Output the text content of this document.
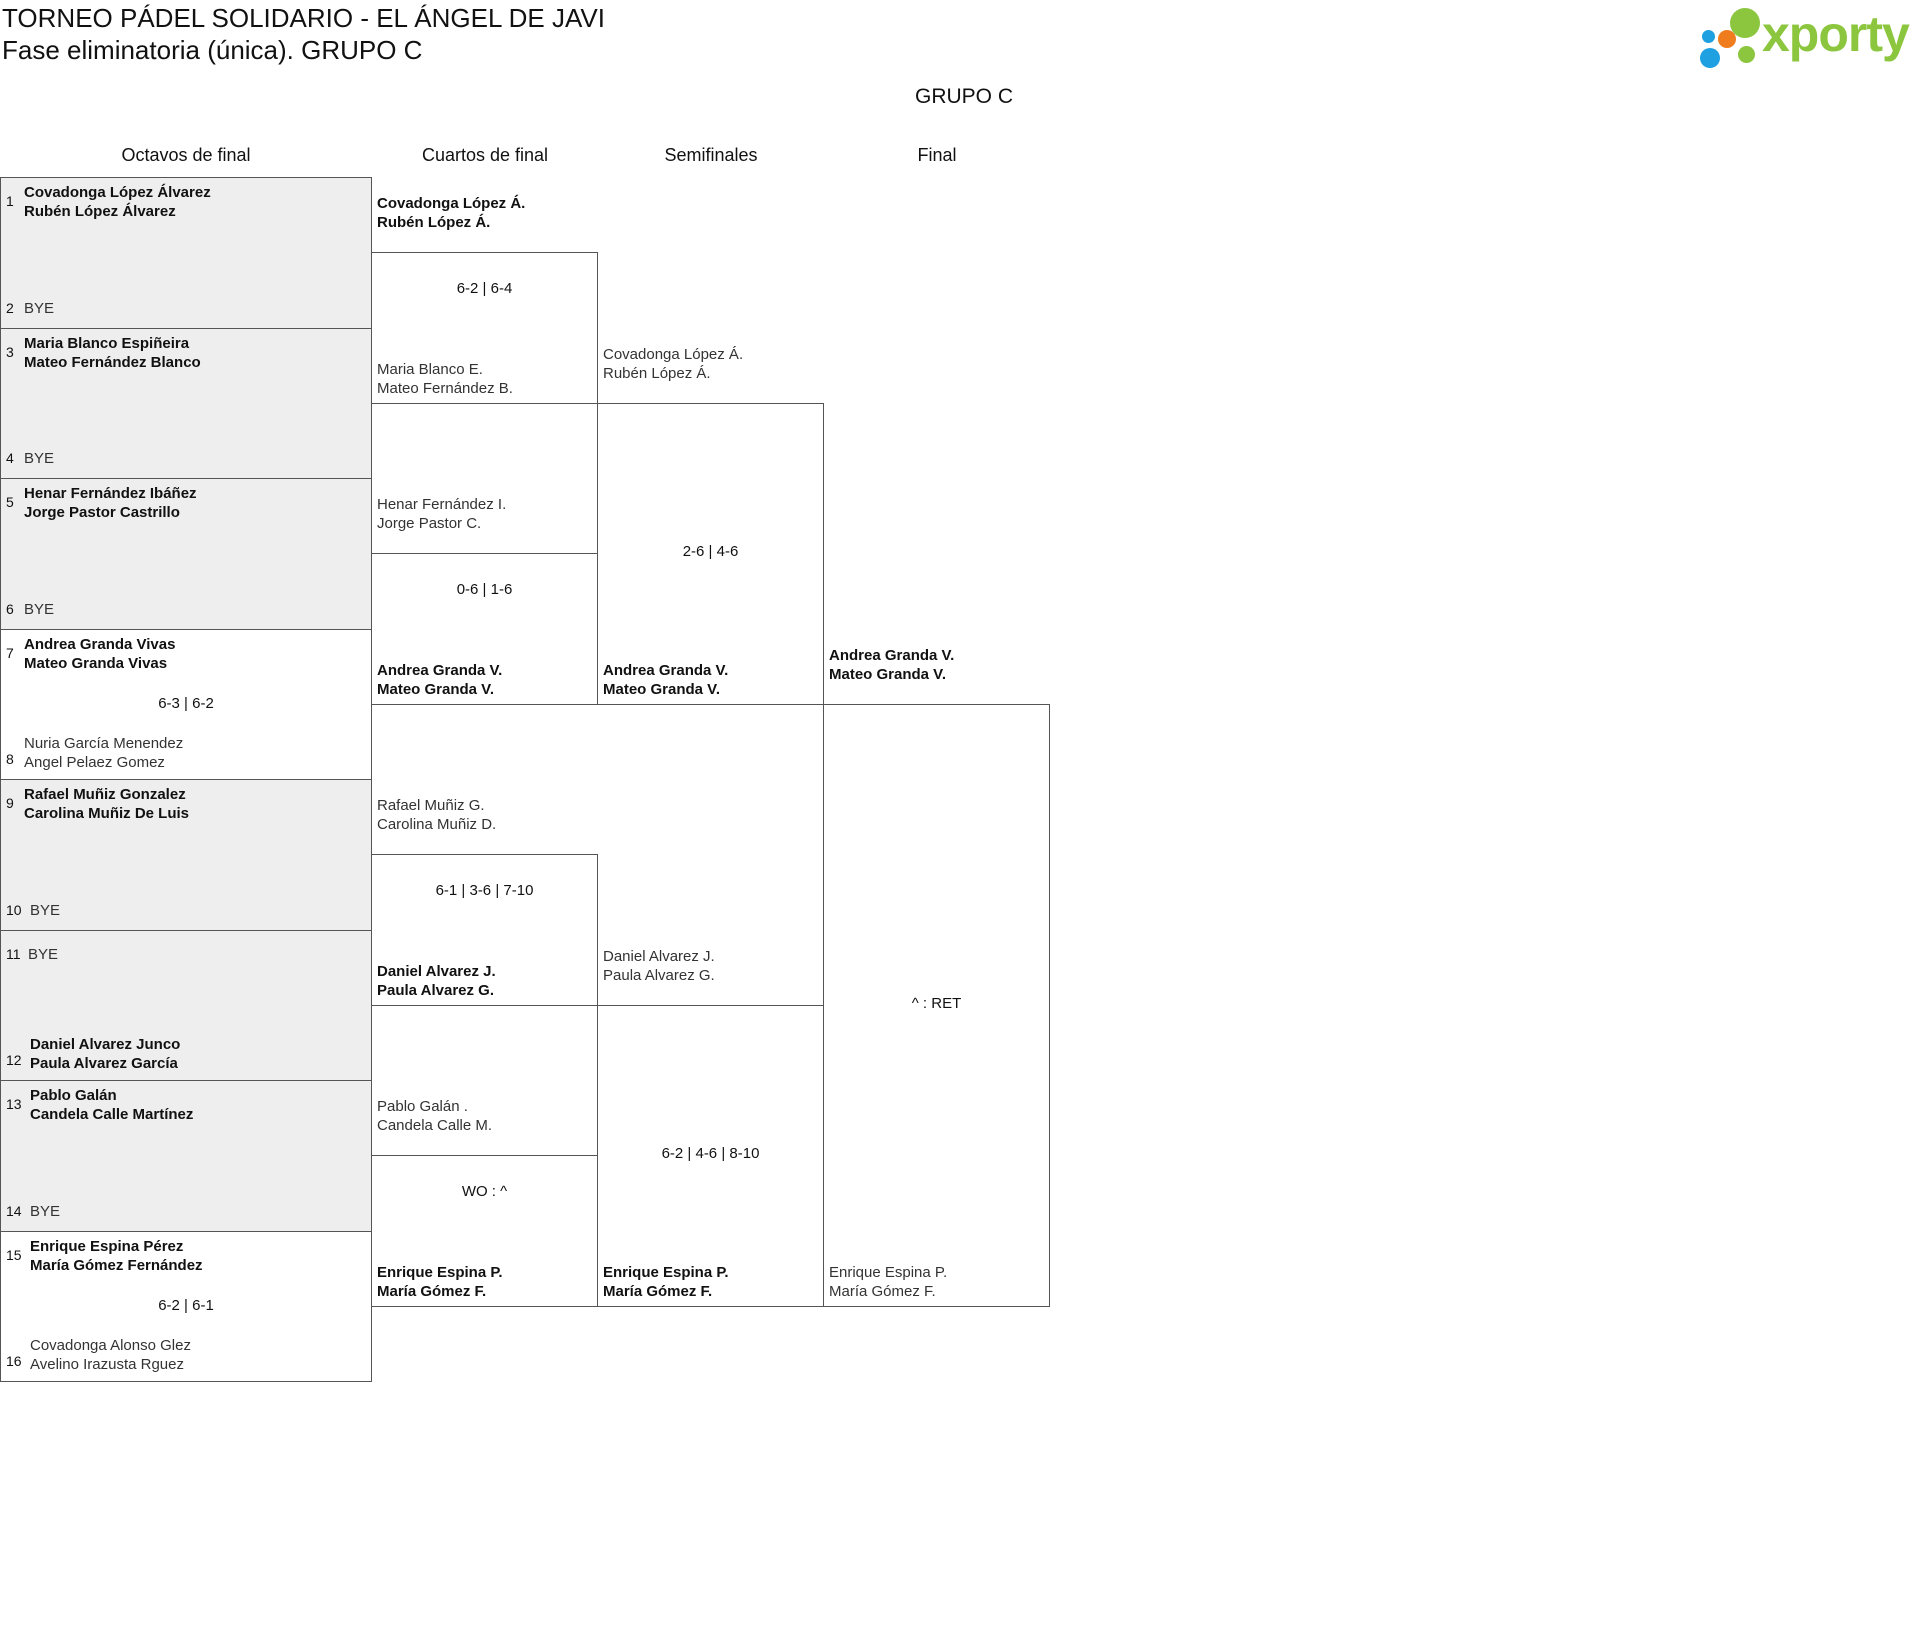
TORNEO PÁDEL SOLIDARIO - EL ÁNGEL DE JAVI
Fase eliminatoria (única). GRUPO C	xporty
GRUPO C
Octavos de final	Cuartos de final	Semifinales	Final
1
2
Covadonga López Álvarez
Rubén López Álvarez
BYE
3
4
Maria Blanco Espiñeira
Mateo Fernández Blanco
BYE
5
6
Henar Fernández Ibáñez
Jorge Pastor Castrillo
BYE
7
8
Andrea Granda Vivas
Mateo Granda Vivas
Nuria García Menendez
Angel Pelaez Gomez
6-3 | 6-2
9
10
Rafael Muñiz Gonzalez
Carolina Muñiz De Luis
BYE
11
12
BYE
Daniel Alvarez Junco
Paula Alvarez García
13
14
Pablo Galán
Candela Calle Martínez
BYE
15
16
Enrique Espina Pérez
María Gómez Fernández
Covadonga Alonso Glez
Avelino Irazusta Rguez
6-2 | 6-1
Covadonga López Á.
Rubén López Á.
6-2 | 6-4
Maria Blanco E.
Mateo Fernández B.
Henar Fernández I.
Jorge Pastor C.
0-6 | 1-6
Andrea Granda V.
Mateo Granda V.
Rafael Muñiz G.
Carolina Muñiz D.
6-1 | 3-6 | 7-10
Daniel Alvarez J.
Paula Alvarez G.
Pablo Galán .
Candela Calle M.
WO : ^
Enrique Espina P.
María Gómez F.
Covadonga López Á.
Rubén López Á.
2-6 | 4-6
Andrea Granda V.
Mateo Granda V.
Daniel Alvarez J.
Paula Alvarez G.
6-2 | 4-6 | 8-10
Enrique Espina P.
María Gómez F.
Andrea Granda V.
Mateo Granda V.
^ : RET
Enrique Espina P.
María Gómez F.
